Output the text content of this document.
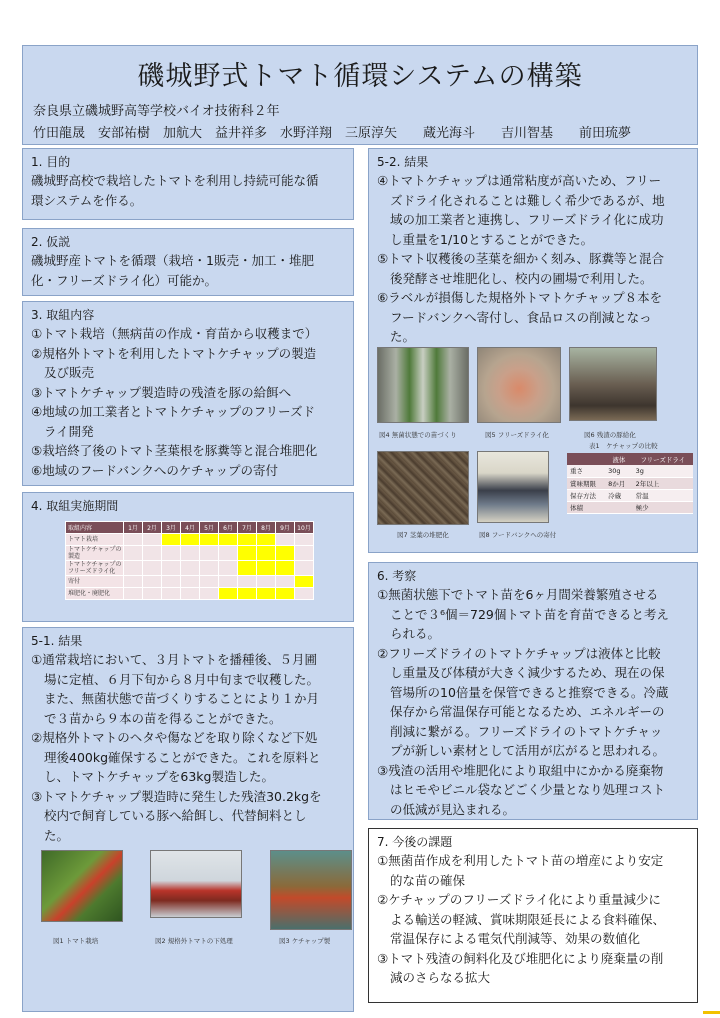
磯城野式トマト循環システムの構築
奈良県立磯城野高等学校バイオ技術科２年
竹田龍晟　安部祐樹　加航大　益井祥多　水野洋翔　三原淳矢　　蔵光海斗　　吉川智基　　前田琉夢
1. 目的
磯城野高校で栽培したトマトを利用し持続可能な循
環システムを作る。
2. 仮説
磯城野産トマトを循環（栽培・1販売・加工・堆肥
化・フリーズドライ化）可能か。
3. 取組内容
①トマト栽培（無病苗の作成・育苗から収穫まで）
②規格外トマトを利用したトマトケチャップの製造
及び販売
③トマトケチャップ製造時の残渣を豚の給餌へ
④地域の加工業者とトマトケチャップのフリーズド
ライ開発
⑤栽培終了後のトマト茎葉根を豚糞等と混合堆肥化
⑥地域のフードバンクへのケチャップの寄付
4. 取組実施期間
取組内容	1月	2月	3月	4月	5月	6月	7月	8月	9月	10月
トマト栽培										
トマトケチャップの製造										
トマトケチャップのフリーズドライ化										
寄付										
堆肥化・廃肥化										
5-1. 結果
①通常栽培において、３月トマトを播種後、５月圃
場に定植、６月下旬から８月中旬まで収穫した。
また、無菌状態で苗づくりすることにより１か月
で３苗から９本の苗を得ることができた。
②規格外トマトのヘタや傷などを取り除くなど下処
理後400kg確保することができた。これを原料と
し、トマトケチャップを63kg製造した。
③トマトケチャップ製造時に発生した残渣30.2kgを
校内で飼育している豚へ給餌し、代替飼料とし
た。
図1 トマト栽培	図2 規格外トマトの下処理	図3 ケチャップ製
5-2. 結果
④トマトケチャップは通常粘度が高いため、フリー
ズドライ化されることは難しく希少であるが、地
域の加工業者と連携し、フリーズドライ化に成功
し重量を1/10とすることができた。
⑤トマト収穫後の茎葉を細かく刻み、豚糞等と混合
後発酵させ堆肥化し、校内の圃場で利用した。
⑥ラベルが損傷した規格外トマトケチャップ８本を
フードバンクへ寄付し、食品ロスの削減となっ
た。
図4 無菌状態での苗づくり	図5 フリーズドライ化	図6 残渣の豚給化
表1　ケチャップの比較
図7 茎葉の堆肥化	図8 フードバンクへの寄付
	液体	フリーズドライ
重さ	30g	3g
賞味期限	8か月	2年以上
保存方法	冷蔵	常温
体積		極少
6. 考察
①無菌状態下でトマト苗を6ヶ月間栄養繁殖させる
ことで３⁶個＝729個トマト苗を育苗できると考え
られる。
②フリーズドライのトマトケチャップは液体と比較
し重量及び体積が大きく減少するため、現在の保
管場所の10倍量を保管できると推察できる。冷蔵
保存から常温保存可能となるため、エネルギーの
削減に繋がる。フリーズドライのトマトケチャッ
プが新しい素材として活用が広がると思われる。
③残渣の活用や堆肥化により取組中にかかる廃棄物
はヒモやビニル袋などごく少量となり処理コスト
の低減が見込まれる。
7. 今後の課題
①無菌苗作成を利用したトマト苗の増産により安定
的な苗の確保
②ケチャップのフリーズドライ化により重量減少に
よる輸送の軽減、賞味期限延長による食料確保、
常温保存による電気代削減等、効果の数値化
③トマト残渣の飼料化及び堆肥化により廃棄量の削
減のさらなる拡大
